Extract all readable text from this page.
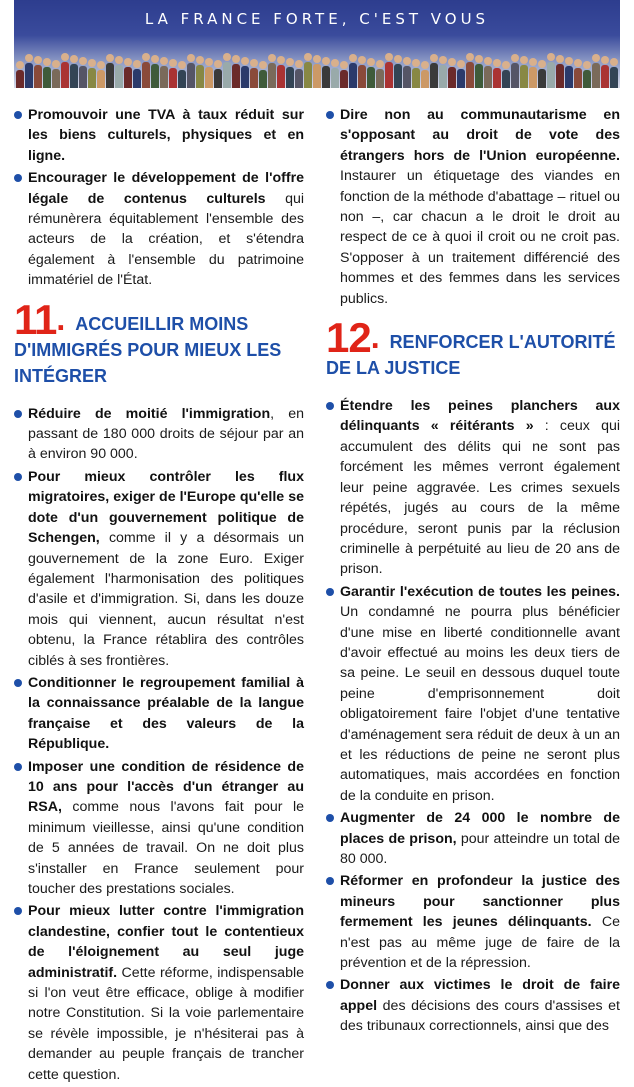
LA FRANCE FORTE, C'EST VOUS
Promouvoir une TVA à taux réduit sur les biens culturels, physiques et en ligne.
Encourager le développement de l'offre légale de contenus culturels qui rémunèrera équitablement l'ensemble des acteurs de la création, et s'étendra également à l'ensemble du patrimoine immatériel de l'État.
11. ACCUEILLIR MOINS D'IMMIGRÉS POUR MIEUX LES INTÉGRER
Réduire de moitié l'immigration, en passant de 180 000 droits de séjour par an à environ 90 000.
Pour mieux contrôler les flux migratoires, exiger de l'Europe qu'elle se dote d'un gouvernement politique de Schengen, comme il y a désormais un gouvernement de la zone Euro. Exiger également l'harmonisation des politiques d'asile et d'immigration. Si, dans les douze mois qui viennent, aucun résultat n'est obtenu, la France rétablira des contrôles ciblés à ses frontières.
Conditionner le regroupement familial à la connaissance préalable de la langue française et des valeurs de la République.
Imposer une condition de résidence de 10 ans pour l'accès d'un étranger au RSA, comme nous l'avons fait pour le minimum vieillesse, ainsi qu'une condition de 5 années de travail. On ne doit plus s'installer en France seulement pour toucher des prestations sociales.
Pour mieux lutter contre l'immigration clandestine, confier tout le contentieux de l'éloignement au seul juge administratif. Cette réforme, indispensable si l'on veut être efficace, oblige à modifier notre Constitution. Si la voie parlementaire se révèle impossible, je n'hésiterai pas à demander au peuple français de trancher cette question.
Dire non au communautarisme en s'opposant au droit de vote des étrangers hors de l'Union européenne. Instaurer un étiquetage des viandes en fonction de la méthode d'abattage – rituel ou non –, car chacun a le droit le droit au respect de ce à quoi il croit ou ne croit pas. S'opposer à un traitement différencié des hommes et des femmes dans les services publics.
12. RENFORCER L'AUTORITÉ DE LA JUSTICE
Étendre les peines planchers aux délinquants « réitérants » : ceux qui accumulent des délits qui ne sont pas forcément les mêmes verront également leur peine aggravée. Les crimes sexuels répétés, jugés au cours de la même procédure, seront punis par la réclusion criminelle à perpétuité au lieu de 20 ans de prison.
Garantir l'exécution de toutes les peines. Un condamné ne pourra plus bénéficier d'une mise en liberté conditionnelle avant d'avoir effectué au moins les deux tiers de sa peine. Le seuil en dessous duquel toute peine d'emprisonnement doit obligatoirement faire l'objet d'une tentative d'aménagement sera réduit de deux à un an et les réductions de peine ne seront plus automatiques, mais accordées en fonction de la conduite en prison.
Augmenter de 24 000 le nombre de places de prison, pour atteindre un total de 80 000.
Réformer en profondeur la justice des mineurs pour sanctionner plus fermement les jeunes délinquants. Ce n'est pas au même juge de faire de la prévention et de la répression.
Donner aux victimes le droit de faire appel des décisions des cours d'assises et des tribunaux correctionnels, ainsi que des
